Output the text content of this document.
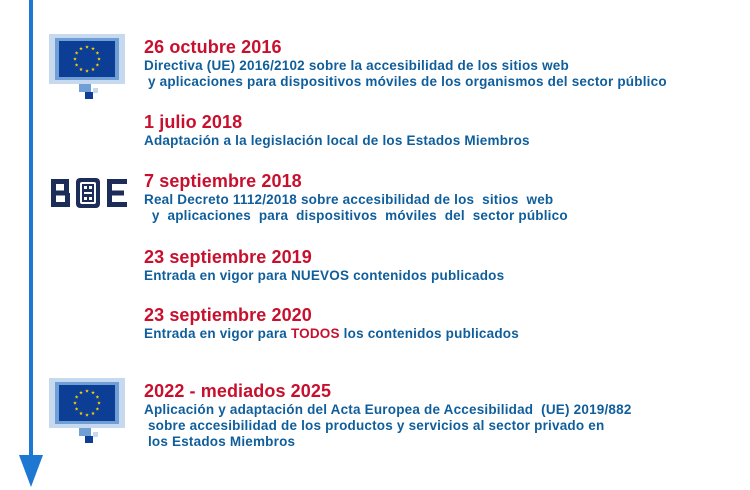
26 octubre 2016
Directiva (UE) 2016/2102 sobre la accesibilidad de los sitios web
y aplicaciones para dispositivos móviles de los organismos del sector público
1 julio 2018
Adaptación a la legislación local de los Estados Miembros
7 septiembre 2018
Real Decreto 1112/2018 sobre accesibilidad de los  sitios  web
y  aplicaciones  para  dispositivos  móviles  del  sector público
23 septiembre 2019
Entrada en vigor para NUEVOS contenidos publicados
23 septiembre 2020
Entrada en vigor para TODOS los contenidos publicados
2022 - mediados 2025
Aplicación y adaptación del Acta Europea de Accesibilidad  (UE) 2019/882
sobre accesibilidad de los productos y servicios al sector privado en
los Estados Miembros
